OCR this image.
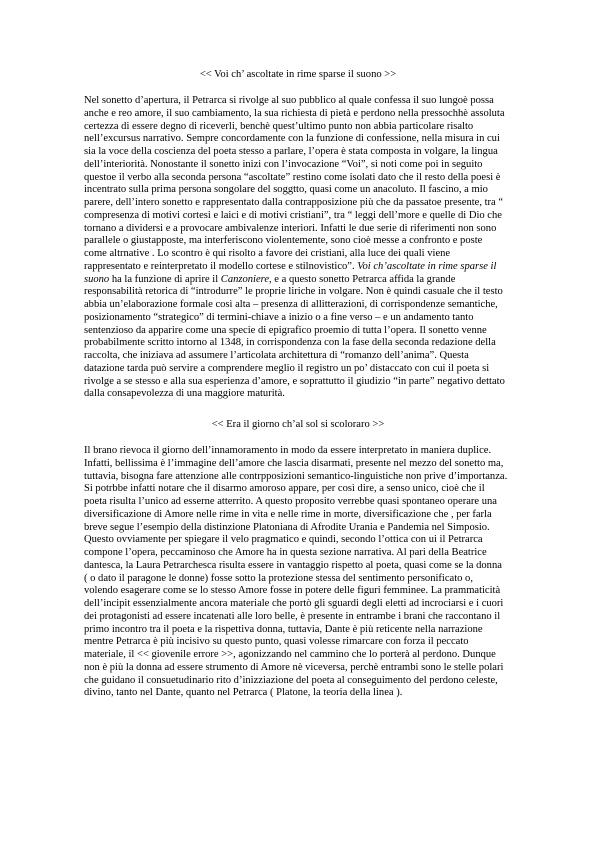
<< Voi ch’ ascoltate in rime sparse il suono >>
Nel sonetto d’apertura, il Petrarca si rivolge al suo pubblico al quale confessa il suo lungoè possa
anche e reo amore, il suo cambiamento, la sua richiesta di pietà e perdono nella pressochhè assoluta
certezza di essere degno di riceverli, benchè quest’ultimo punto non abbia particolare risalto
nell’excursus narrativo. Sempre concordamente con la funzione di confessione, nella misura in cui
sia la voce della coscienza del poeta stesso a parlare, l’opera è stata composta in volgare, la lingua
dell’interiorità. Nonostante il sonetto inizi con l’invocazione “Voi”, si noti come poi in seguito
questoe il verbo alla seconda persona “ascoltate” restino come isolati dato che il resto della poesi è
incentrato sulla prima persona songolare del soggtto, quasi come un anacoluto. Il fascino, a mio
parere, dell’intero sonetto e rappresentato dalla contrapposizione più che da passatoe presente, tra “
compresenza di motivi cortesi e laici e di motivi cristiani”, tra “ leggi dell’more e quelle di Dio che
tornano a dividersi e a provocare ambivalenze interiori. Infatti le due serie di riferimenti non sono
parallele o giustapposte, ma interferiscono violentemente, sono cioè messe a confronto e poste
come altrnative . Lo scontro è qui risolto a favore dei cristiani, alla luce dei quali viene
rappresentato e reinterpretato il modello cortese e stilnovistico”. Voi ch’ascoltate in rime sparse il
suono ha la funzione di aprire il Canzoniere, e a questo sonetto Petrarca affida la grande
responsabilità retorica di “introdurre” le proprie liriche in volgare. Non è quindi casuale che il testo
abbia un’elaborazione formale così alta – presenza di allitterazioni, di corrispondenze semantiche,
posizionamento “strategico” di termini-chiave a inizio o a fine verso – e un andamento tanto
sentenzioso da apparire come una specie di epigrafico proemio di tutta l’opera. Il sonetto venne
probabilmente scritto intorno al 1348, in corrispondenza con la fase della seconda redazione della
raccolta, che iniziava ad assumere l’articolata architettura di “romanzo dell’anima”. Questa
datazione tarda può servire a comprendere meglio il registro un po’ distaccato con cui il poeta si
rivolge a se stesso e alla sua esperienza d’amore, e soprattutto il giudizio “in parte” negativo dettato
dalla consapevolezza di una maggiore maturità.
<< Era il giorno ch’al sol si scoloraro >>
Il brano rievoca il giorno dell’innamoramento in modo da essere interpretato in maniera duplice.
Infatti, bellissima è l’immagine dell’amore che lascia disarmati, presente nel mezzo del sonetto ma,
tuttavia, bisogna fare attenzione alle contrpposizioni semantico-linguistiche non prive d’importanza.
Si potrbbe infatti notare che il disarmo amoroso appare, per così dire, a senso unico, cioè che il
poeta risulta l’unico ad esserne atterrito. A questo proposito verrebbe quasi spontaneo operare una
diversificazione di Amore nelle rime in vita e nelle rime in morte, diversificazione che , per farla
breve segue l’esempio della distinzione Platoniana di Afrodite Urania e Pandemia nel Simposio.
Questo ovviamente per spiegare il velo pragmatico e quindi, secondo l’ottica con ui il Petrarca
compone l’opera, peccaminoso che Amore ha in questa sezione narrativa. Al pari della Beatrice
dantesca, la Laura Petrarchesca risulta essere in vantaggio rispetto al poeta, quasi come se la donna
( o dato il paragone le donne) fosse sotto la protezione stessa del sentimento personificato o,
volendo esagerare come se lo stesso Amore fosse in potere delle figuri femminee. La prammaticità
dell’incipit essenzialmente ancora materiale che portò gli sguardi degli eletti ad incrociarsi e i cuori
dei protagonisti ad essere incatenati alle loro belle, è presente in entrambe i brani che raccontano il
primo incontro tra il poeta e la rispettiva donna, tuttavia, Dante è più reticente nella narrazione
mentre Petrarca è più incisivo su questo punto, quasi volesse rimarcare con forza il peccato
materiale, il << giovenile errore >>, agonizzando nel cammino che lo porterà al perdono. Dunque
non è più la donna ad essere strumento di Amore nè viceversa, perchè entrambi sono le stelle polari
che guidano il consuetudinario rito d’inizziazione del poeta al conseguimento del perdono celeste,
divino, tanto nel Dante, quanto nel Petrarca ( Platone, la teoria della linea ).
